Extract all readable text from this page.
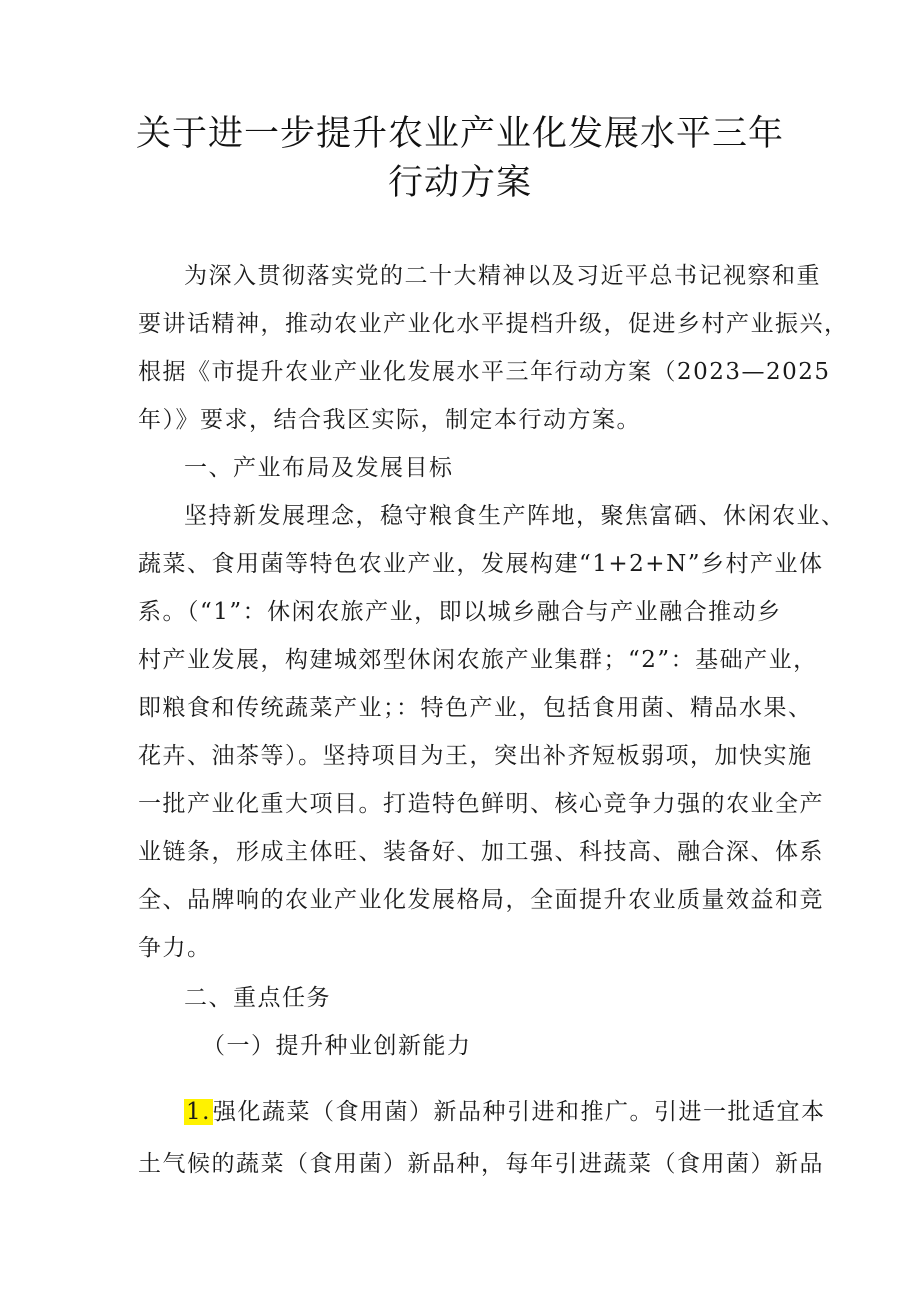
关于进一步提升农业产业化发展水平三年
行动方案
为深入贯彻落实党的二十大精神以及习近平总书记视察和重
要讲话精神，推动农业产业化水平提档升级，促进乡村产业振兴，
根据《市提升农业产业化发展水平三年行动方案（2023—2025
年）》要求，结合我区实际，制定本行动方案。
一、产业布局及发展目标
坚持新发展理念，稳守粮食生产阵地，聚焦富硒、休闲农业、
蔬菜、食用菌等特色农业产业，发展构建“1+2+N”乡村产业体
系。（“1”：休闲农旅产业，即以城乡融合与产业融合推动乡
村产业发展，构建城郊型休闲农旅产业集群；“2”：基础产业，
即粮食和传统蔬菜产业；：特色产业，包括食用菌、精品水果、
花卉、油茶等）。坚持项目为王，突出补齐短板弱项，加快实施
一批产业化重大项目。打造特色鲜明、核心竞争力强的农业全产
业链条，形成主体旺、装备好、加工强、科技高、融合深、体系
全、品牌响的农业产业化发展格局，全面提升农业质量效益和竞
争力。
二、重点任务
（一）提升种业创新能力
1.强化蔬菜（食用菌）新品种引进和推广。引进一批适宜本
土气候的蔬菜（食用菌）新品种，每年引进蔬菜（食用菌）新品
